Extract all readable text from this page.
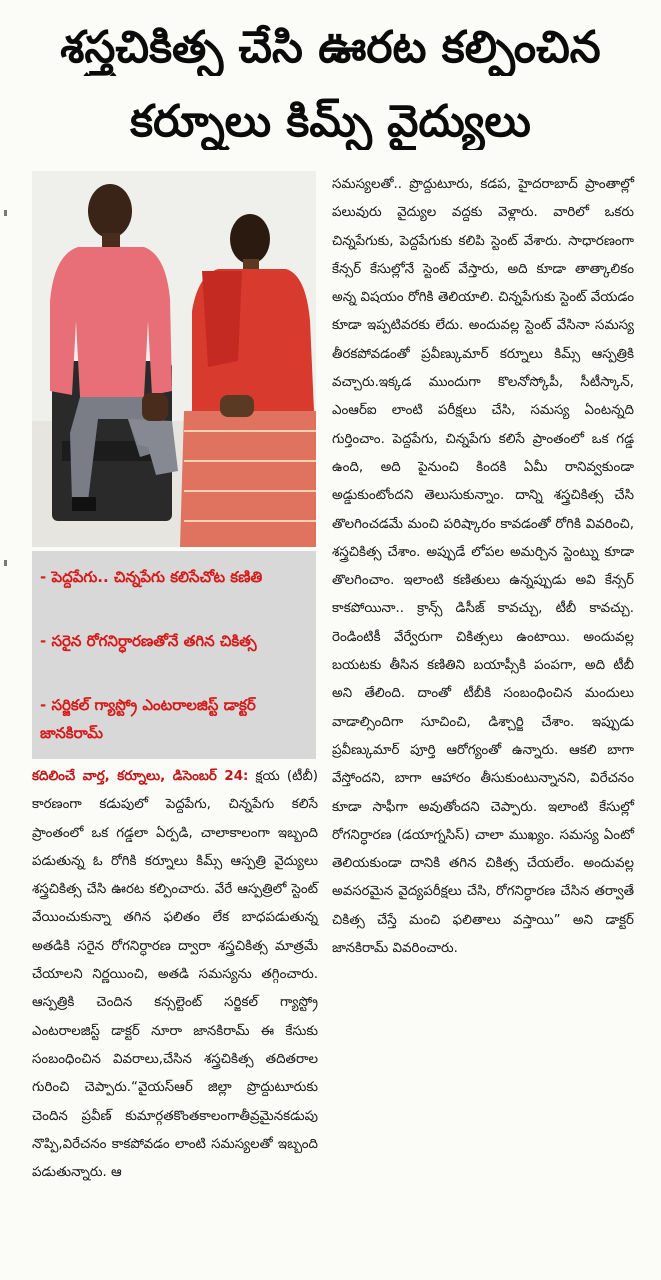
శస్త్రచికిత్స చేసి ఊరట కల్పించిన
కర్నూలు కిమ్స్ వైద్యులు
- పెద్దపేగు.. చిన్నపేగు కలిసేచోట కణితి
- సరైన రోగనిర్ధారణతోనే తగిన చికిత్స
- సర్జికల్ గ్యాస్ట్రో ఎంటరాలజిస్ట్ డాక్టర్ జానకిరామ్
కదిలించే వార్త, కర్నూలు, డిసెంబర్ 24: క్షయ (టీబీ) కారణంగా కడుపులో పెద్దపేగు, చిన్నపేగు కలిసే ప్రాంతంలో ఒక గడ్డలా ఏర్పడి, చాలాకాలంగా ఇబ్బంది పడుతున్న ఓ రోగికి కర్నూలు కిమ్స్ ఆస్పత్రి వైద్యులు శస్త్రచికిత్స చేసి ఊరట కల్పించారు. వేరే ఆస్పత్రిలో స్టెంట్ వేయించుకున్నా తగిన ఫలితం లేక బాధపడుతున్న అతడికి సరైన రోగనిర్ధారణ ద్వారా శస్త్రచికిత్స మాత్రమే చేయాలని నిర్ణయించి, అతడి సమస్యను తగ్గించారు. ఆస్పత్రికి చెందిన కన్సల్టెంట్ సర్జికల్ గ్యాస్ట్రో ఎంటరాలజిస్ట్ డాక్టర్ నూరా జానకిరామ్ ఈ కేసుకు సంబంధించిన వివరాలు,చేసిన శస్త్రచికిత్స తదితరాల గురించి చెప్పారు.“వైయస్ఆర్ జిల్లా ప్రొద్దుటూరుకు చెందిన ప్రవీణ్ కుమార్గతకొంతకాలంగాతీవ్రమైనకడుపు నొప్పి,విరేచనం కాకపోవడం లాంటి సమస్యలతో ఇబ్బంది పడుతున్నారు. ఆ
సమస్యలతో.. ప్రొద్దుటూరు, కడప, హైదరాబాద్ ప్రాంతాల్లో పలువురు వైద్యుల వద్దకు వెళ్లారు. వారిలో ఒకరు చిన్నపేగుకు, పెద్దపేగుకు కలిపి స్టెంట్ వేశారు. సాధారణంగా కేన్సర్ కేసుల్లోనే స్టెంట్ వేస్తారు, అది కూడా తాత్కాలికం అన్న విషయం రోగికి తెలియాలి. చిన్నపేగుకు స్టెంట్ వేయడం కూడా ఇప్పటివరకు లేదు. అందువల్ల స్టెంట్ వేసినా సమస్య తీరకపోవడంతో ప్రవీణ్కుమార్ కర్నూలు కిమ్స్ ఆస్పత్రికి వచ్చారు.ఇక్కడ ముందుగా కొలనోస్కోపీ, సీటీస్కాన్, ఎంఆర్ఐ లాంటి పరీక్షలు చేసి, సమస్య ఏంటన్నది గుర్తించాం. పెద్దపేగు, చిన్నపేగు కలిసే ప్రాంతంలో ఒక గడ్డ ఉంది, అది పైనుంచి కిందకి ఏమీ రానివ్వకుండా అడ్డుకుంటోందని తెలుసుకున్నాం. దాన్ని శస్త్రచికిత్స చేసి తొలగించడమే మంచి పరిష్కారం కావడంతో రోగికి వివరించి, శస్త్రచికిత్స చేశాం. అప్పుడే లోపల అమర్చిన స్టెంట్ను కూడా తొలగించాం. ఇలాంటి కణితులు ఉన్నప్పుడు అవి కేన్సర్ కాకపోయినా.. క్రాన్స్ డిసీజ్ కావచ్చు, టీబీ కావచ్చు. రెండింటికీ వేర్వేరుగా చికిత్సలు ఉంటాయి. అందువల్ల బయటకు తీసిన కణితిని బయాప్సీకి పంపగా, అది టీబీ అని తేలింది. దాంతో టీబీకి సంబంధించిన మందులు వాడాల్సిందిగా సూచించి, డిశ్చార్జి చేశాం. ఇప్పుడు ప్రవీణ్కుమార్ పూర్తి ఆరోగ్యంతో ఉన్నారు. ఆకలి బాగా వేస్తోందని, బాగా ఆహారం తీసుకుంటున్నానని, విరేచనం కూడా సాఫీగా అవుతోందని చెప్పారు. ఇలాంటి కేసుల్లో రోగనిర్ధారణ (డయాగ్నసిస్) చాలా ముఖ్యం. సమస్య ఏంటో తెలియకుండా దానికి తగిన చికిత్స చేయలేం. అందువల్ల అవసరమైన వైద్యపరీక్షలు చేసి, రోగనిర్ధారణ చేసిన తర్వాతే చికిత్స చేస్తే మంచి ఫలితాలు వస్తాయి” అని డాక్టర్ జానకిరామ్ వివరించారు.
